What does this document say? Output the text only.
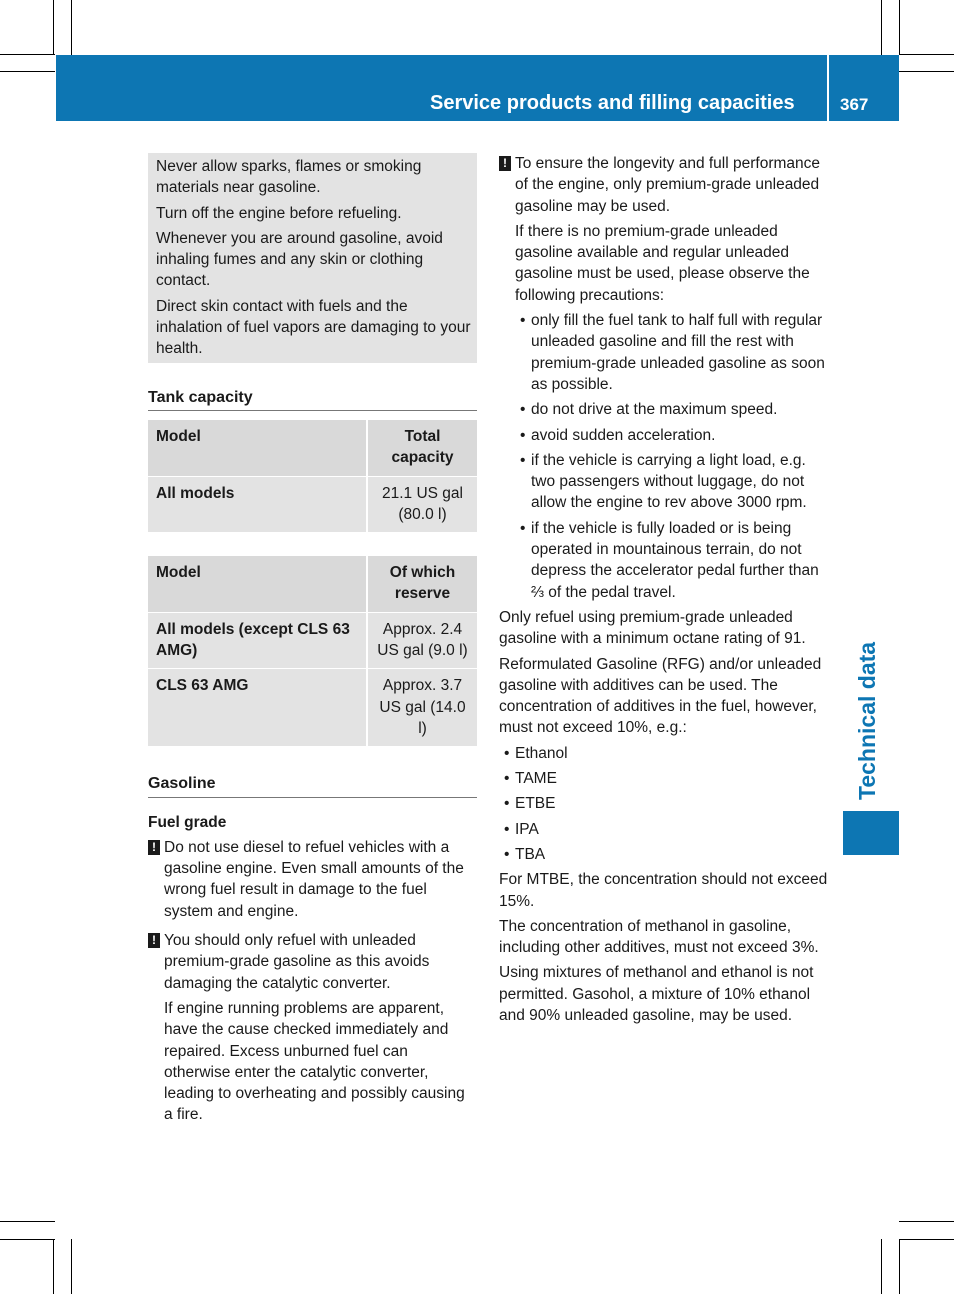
Service products and filling capacities	367
Technical data

Never allow sparks, flames or smoking materials near gasoline.

Turn off the engine before refueling.

Whenever you are around gasoline, avoid inhaling fumes and any skin or clothing contact.

Direct skin contact with fuels and the inhalation of fuel vapors are damaging to your health.

Tank capacity
Model	Total capacity
All models	21.1 US gal (80.0 l)
Model	Of which reserve
All models (except CLS 63 AMG)	Approx. 2.4 US gal (9.0 l)
CLS 63 AMG	Approx. 3.7 US gal (14.0 l)
Gasoline
Fuel grade
! Do not use diesel to refuel vehicles with a gasoline engine. Even small amounts of the wrong fuel result in damage to the fuel system and engine.

! You should only refuel with unleaded premium-grade gasoline as this avoids damaging the catalytic converter.

If engine running problems are apparent, have the cause checked immediately and repaired. Excess unburned fuel can otherwise enter the catalytic converter, leading to overheating and possibly causing a fire.

! To ensure the longevity and full performance of the engine, only premium-grade unleaded gasoline may be used.

If there is no premium-grade unleaded gasoline available and regular unleaded gasoline must be used, please observe the following precautions:

• only fill the fuel tank to half full with regular unleaded gasoline and fill the rest with premium-grade unleaded gasoline as soon as possible.
• do not drive at the maximum speed.
• avoid sudden acceleration.
• if the vehicle is carrying a light load, e.g. two passengers without luggage, do not allow the engine to rev above 3000 rpm.
• if the vehicle is fully loaded or is being operated in mountainous terrain, do not depress the accelerator pedal further than ⅔ of the pedal travel.

Only refuel using premium-grade unleaded gasoline with a minimum octane rating of 91.

Reformulated Gasoline (RFG) and/or unleaded gasoline with additives can be used. The concentration of additives in the fuel, however, must not exceed 10%, e.g.:

• Ethanol
• TAME
• ETBE
• IPA
• TBA

For MTBE, the concentration should not exceed 15%.

The concentration of methanol in gasoline, including other additives, must not exceed 3%.

Using mixtures of methanol and ethanol is not permitted. Gasohol, a mixture of 10% ethanol and 90% unleaded gasoline, may be used.
